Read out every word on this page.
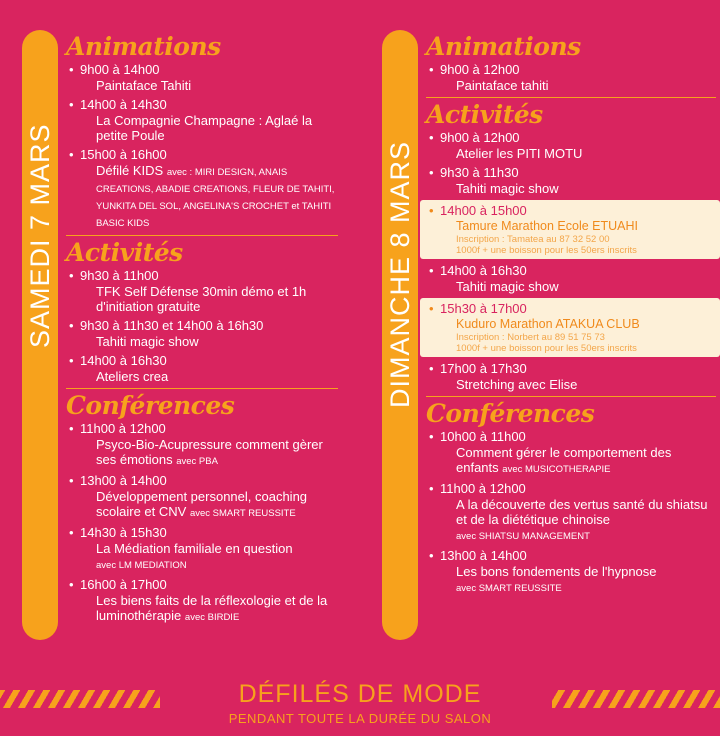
SAMEDI 7 MARS	DIMANCHE 8 MARS
Animations
• 9h00 à 14h00
Paintaface Tahiti
• 14h00 à 14h30
La Compagnie Champagne : Aglaé la petite Poule
• 15h00 à 16h00
Défilé KIDS avec : MIRI DESIGN, ANAIS CREATIONS, ABADIE CREATIONS, FLEUR DE TAHITI, YUNKITA DEL SOL, ANGELINA'S CROCHET et TAHITI BASIC KIDS
Activités
• 9h30 à 11h00
TFK Self Défense 30min démo et 1h d'initiation gratuite
• 9h30 à 11h30 et 14h00 à 16h30
Tahiti magic show
• 14h00 à 16h30
Ateliers crea
Conférences
• 11h00 à 12h00
Psyco-Bio-Acupressure comment gèrer ses émotions avec PBA
• 13h00 à 14h00
Développement personnel, coaching scolaire et CNV avec SMART REUSSITE
• 14h30 à 15h30
La Médiation familiale en question
avec LM MEDIATION
• 16h00 à 17h00
Les biens faits de la réflexologie et de la luminothérapie avec BIRDIE
Animations
• 9h00 à 12h00
Paintaface tahiti
Activités
• 9h00 à 12h00
Atelier les PITI MOTU
• 9h30 à 11h30
Tahiti magic show
• 14h00 à 15h00
Tamure Marathon Ecole ETUAHI
Inscription : Tamatea au 87 32 52 00
1000f + une boisson pour les 50ers inscrits
• 14h00 à 16h30
Tahiti magic show
• 15h30 à 17h00
Kuduro Marathon ATAKUA CLUB
Inscription : Norbert au 89 51 75 73
1000f + une boisson pour les 50ers inscrits
• 17h00 à 17h30
Stretching avec Elise
Conférences
• 10h00 à 11h00
Comment gérer le comportement des enfants avec MUSICOTHERAPIE
• 11h00 à 12h00
A la découverte des vertus santé du shiatsu et de la diététique chinoise
avec SHIATSU MANAGEMENT
• 13h00 à 14h00
Les bons fondements de l'hypnose
avec SMART REUSSITE
DÉFILÉS DE MODE
PENDANT TOUTE LA DURÉE DU SALON
